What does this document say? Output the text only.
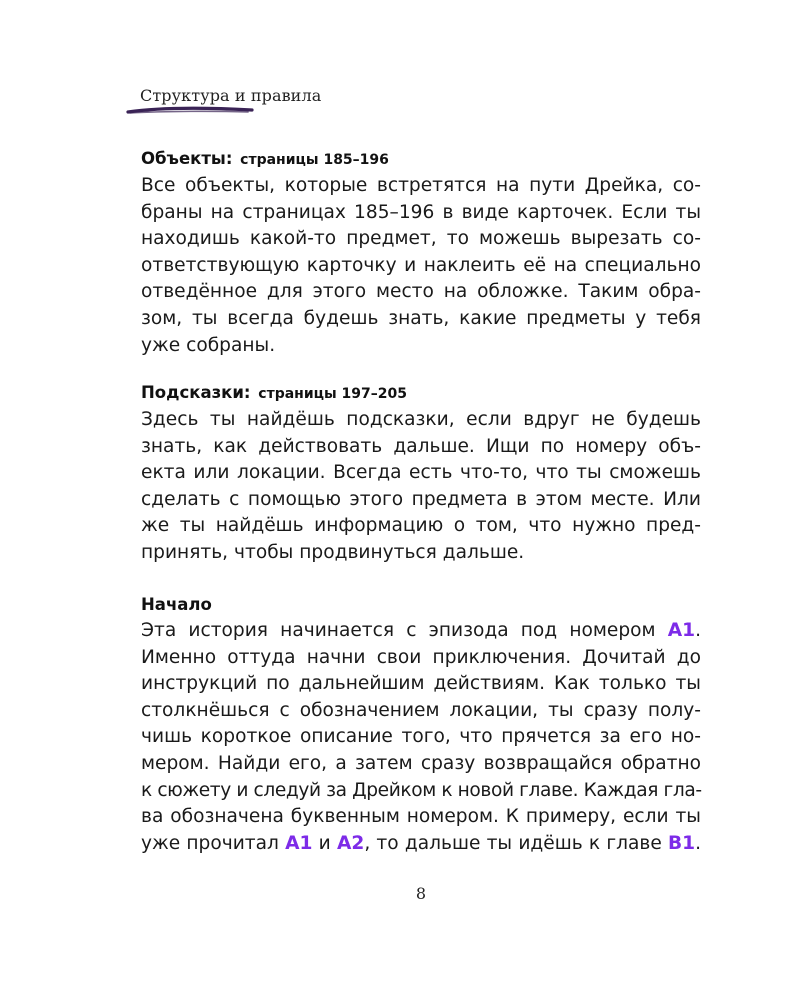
Структура и правила

Объекты: страницы 185–196

Все объекты, которые встретятся на пути Дрейка, со-
браны на страницах 185–196 в виде карточек. Если ты
находишь какой-то предмет, то можешь вырезать со-
ответствующую карточку и наклеить её на специально
отведённое для этого место на обложке. Таким обра-
зом, ты всегда будешь знать, какие предметы у тебя
уже собраны.

Подсказки: страницы 197–205

Здесь ты найдёшь подсказки, если вдруг не будешь
знать, как действовать дальше. Ищи по номеру объ-
екта или локации. Всегда есть что-то, что ты сможешь
сделать с помощью этого предмета в этом месте. Или
же ты найдёшь информацию о том, что нужно пред-
принять, чтобы продвинуться дальше.

Начало

Эта история начинается с эпизода под номером A1.
Именно оттуда начни свои приключения. Дочитай до
инструкций по дальнейшим действиям. Как только ты
столкнёшься с обозначением локации, ты сразу полу-
чишь короткое описание того, что прячется за его но-
мером. Найди его, а затем сразу возвращайся обратно
к сюжету и следуй за Дрейком к новой главе. Каждая гла-
ва обозначена буквенным номером. К примеру, если ты
уже прочитал A1 и A2, то дальше ты идёшь к главе B1.

8
